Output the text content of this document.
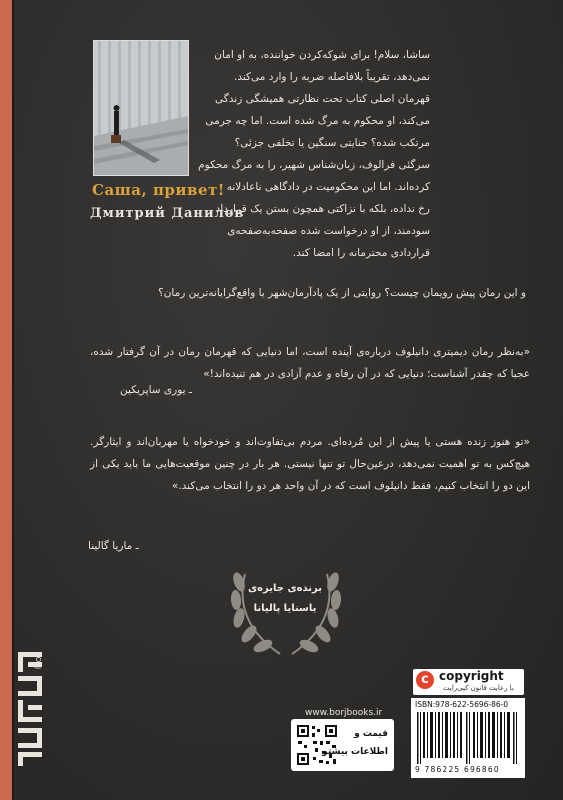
Саша, привет!
Дмитрий Данилов
ساشا، سلام! برای شوکه‌کردن خواننده، به او امان
نمی‌دهد، تقریباً بلافاصله ضربه را وارد می‌کند.
قهرمان اصلی کتاب تحت نظارتی همیشگی زندگی
می‌کند، او محکوم به مرگ شده است. اما چه جرمی
مرتکب شده؟ جنایتی سنگین یا تخلفی جزئی؟
سرگئی فرالوف، زبان‌شناس شهیر، را به مرگ محکوم
کرده‌اند. اما این محکومیت در دادگاهی ناعادلانه
رخ نداده، بلکه با نزاکتی همچون بستن یک قرارداد
سودمند، از او درخواست شده صفحه‌به‌صفحه‌ی
قراردادی محترمانه را امضا کند.
و این رمان پیش رویمان چیست؟ روایتی از یک پادآرمان‌شهر یا واقع‌گرایانه‌ترین رمان؟
«به‌نظر رمان دیمیتری دانیلوف درباره‌ی آینده است، اما دنیایی که قهرمان رمان در آن گرفتار شده، عجبا که چقدر آشناست؛ دنیایی که در آن رفاه و عدم آزادی در هم تنیده‌اند!»
ـ یوری ساپریکین
«تو هنوز زنده هستی یا پیش از این مُرده‌ای. مردم بی‌تفاوت‌اند و خودخواه یا مهربان‌اند و ایثارگر. هیچ‌کس به تو اهمیت نمی‌دهد، درعین‌حال تو تنها نیستی. هر بار در چنین موقعیت‌هایی ما باید یکی از این دو را انتخاب کنیم، فقط دانیلوف است که در آن واحد هر دو را انتخاب می‌کند.»
ـ ماریا گالینا
برنده‌ی جایزه‌ی
یاسنایا پالیانا
BORJ
www.borjbooks.ir
قیمت و
اطلاعات بیشتر
c copyright
با رعایت قانون کپی‌رایت
ISBN:978-622-5696-86-0
9 786225 696860
